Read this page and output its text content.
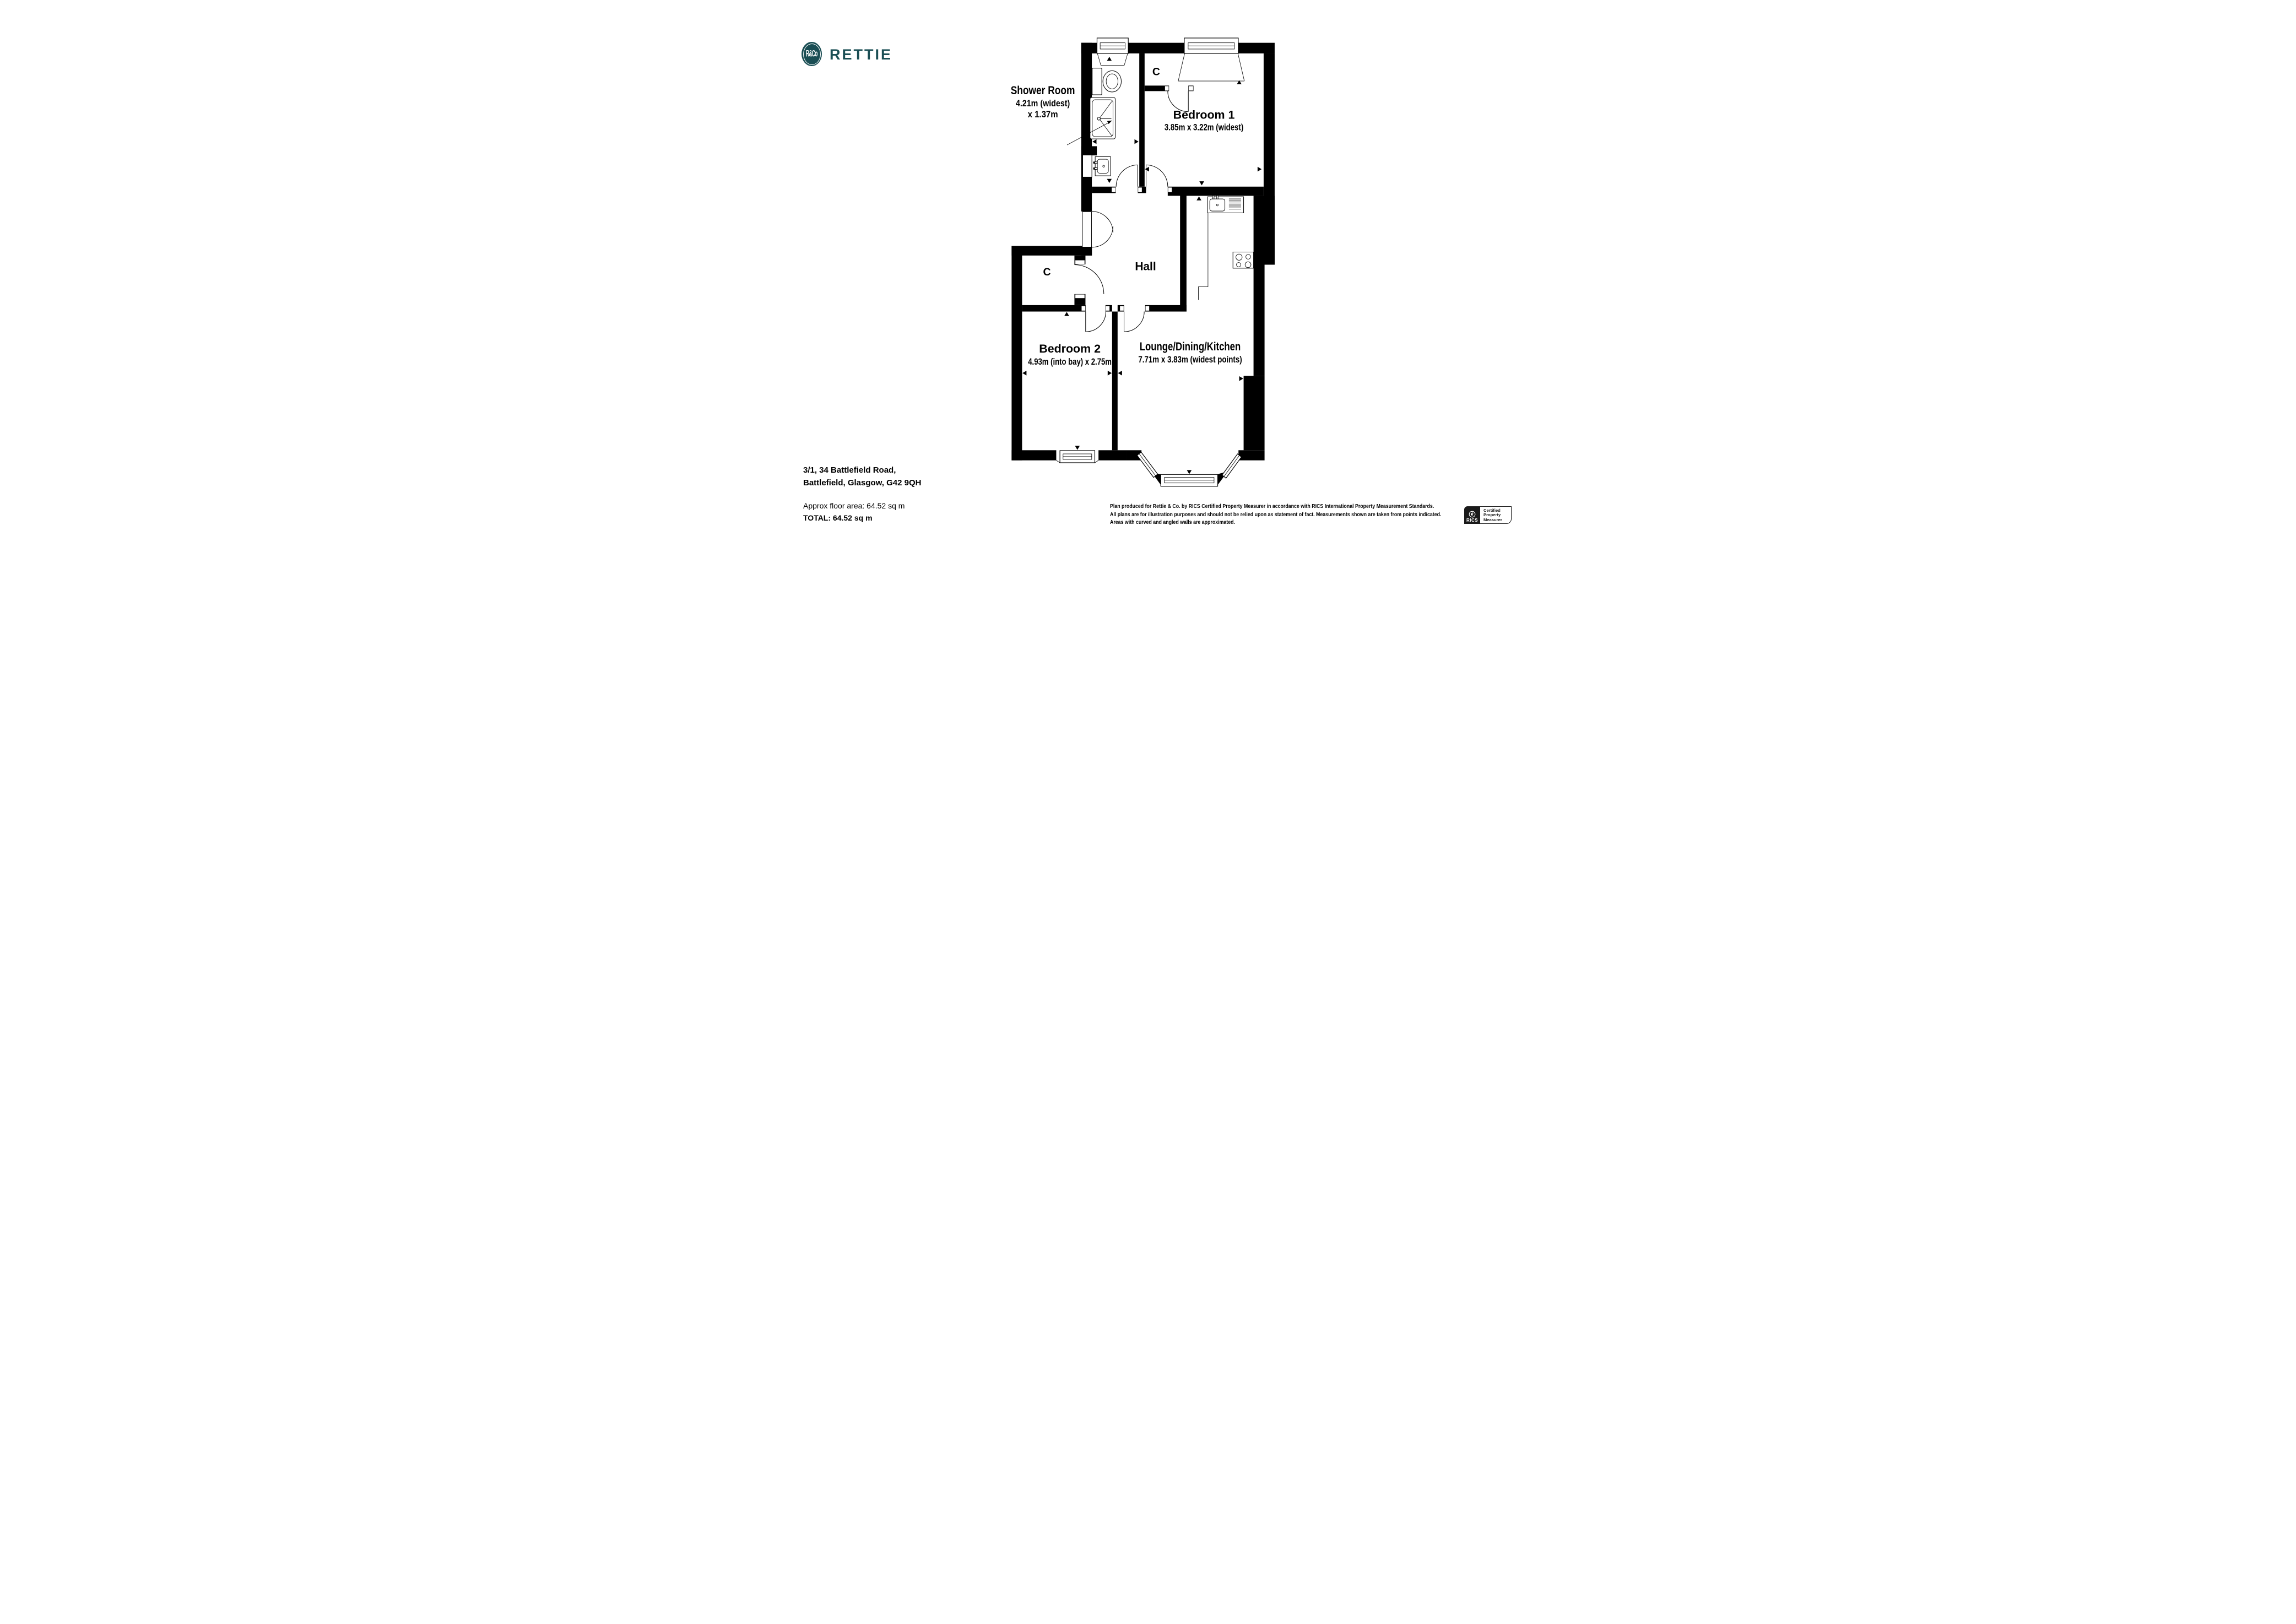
R&Co RETTIE
Shower Room
4.21m (widest)
x 1.37m	Bedroom 1
3.85m x 3.22m (widest)
C
C Hall
Bedroom 2
4.93m (into bay) x 2.75m
Lounge/Dining/Kitchen
7.71m x 3.83m (widest points)
3/1, 34 Battlefield Road,
Battlefield, Glasgow, G42 9QH
Approx floor area: 64.52 sq m
TOTAL: 64.52 sq m
Plan produced for Rettie & Co. by RICS Certified Property Measurer in accordance with RICS International Property Measurement Standards.
All plans are for illustration purposes and should not be relied upon as statement of fact. Measurements shown are taken from points indicated.
Areas with curved and angled walls are approximated.	RICS
Certified
Property
Measurer
